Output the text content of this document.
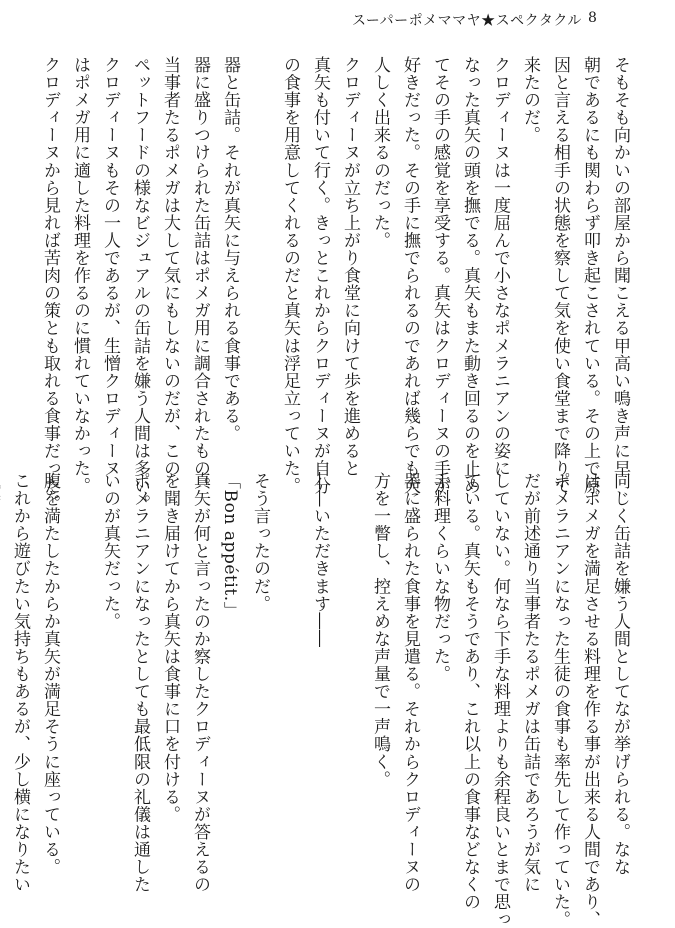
スーパーポメママヤ★スペクタクル 8

そもそも向かいの部屋から聞こえる甲高い鳴き声に早

朝であるにも関わらず叩き起こされている。その上で原

因と言える相手の状態を察して気を使い食堂まで降りて

来たのだ。

クロディーヌは一度屈んで小さなポメラニアンの姿に

なった真矢の頭を撫でる。真矢もまた動き回るのを止め

てその手の感覚を享受する。真矢はクロディーヌの手が

好きだった。その手に撫でられるのであれば幾らでも大

人しく出来るのだった。

クロディーヌが立ち上がり食堂に向けて歩を進めると

真矢も付いて行く。きっとこれからクロディーヌが自分

の食事を用意してくれるのだと真矢は浮足立っていた。

器と缶詰。それが真矢に与えられる食事である。

器に盛りつけられた缶詰はポメガ用に調合されたもの。

当事者たるポメガは大して気にもしないのだが、この

ペットフードの様なビジュアルの缶詰を嫌う人間は多い。

クロディーヌもその一人であるが、生憎クロディーヌ

はポメガ用に適した料理を作るのに慣れていなかった。

クロディーヌから見れば苦肉の策とも取れる食事だった。

同じく缶詰を嫌う人間としてなが挙げられる。なな

はポメガを満足させる料理を作る事が出来る人間であり、

ポメラニアンになった生徒の食事も率先して作っていた。

だが前述通り当事者たるポメガは缶詰であろうが気に

していない。何なら下手な料理よりも余程良いとまで思っ

ている。真矢もそうであり、これ以上の食事などなくの

手料理くらいな物だった。

器に盛られた食事を見遣る。それからクロディーヌの

方を一瞥し、控えめな声量で一声鳴く。

――いただきます――

そう言ったのだ。

「Bon appétit.」

真矢が何と言ったのか察したクロディーヌが答えるの

を聞き届けてから真矢は食事に口を付ける。

ポメラニアンになったとしても最低限の礼儀は通した

いのが真矢だった。

腹を満たしたからか真矢が満足そうに座っている。

これから遊びたい気持ちもあるが、少し横になりたい
